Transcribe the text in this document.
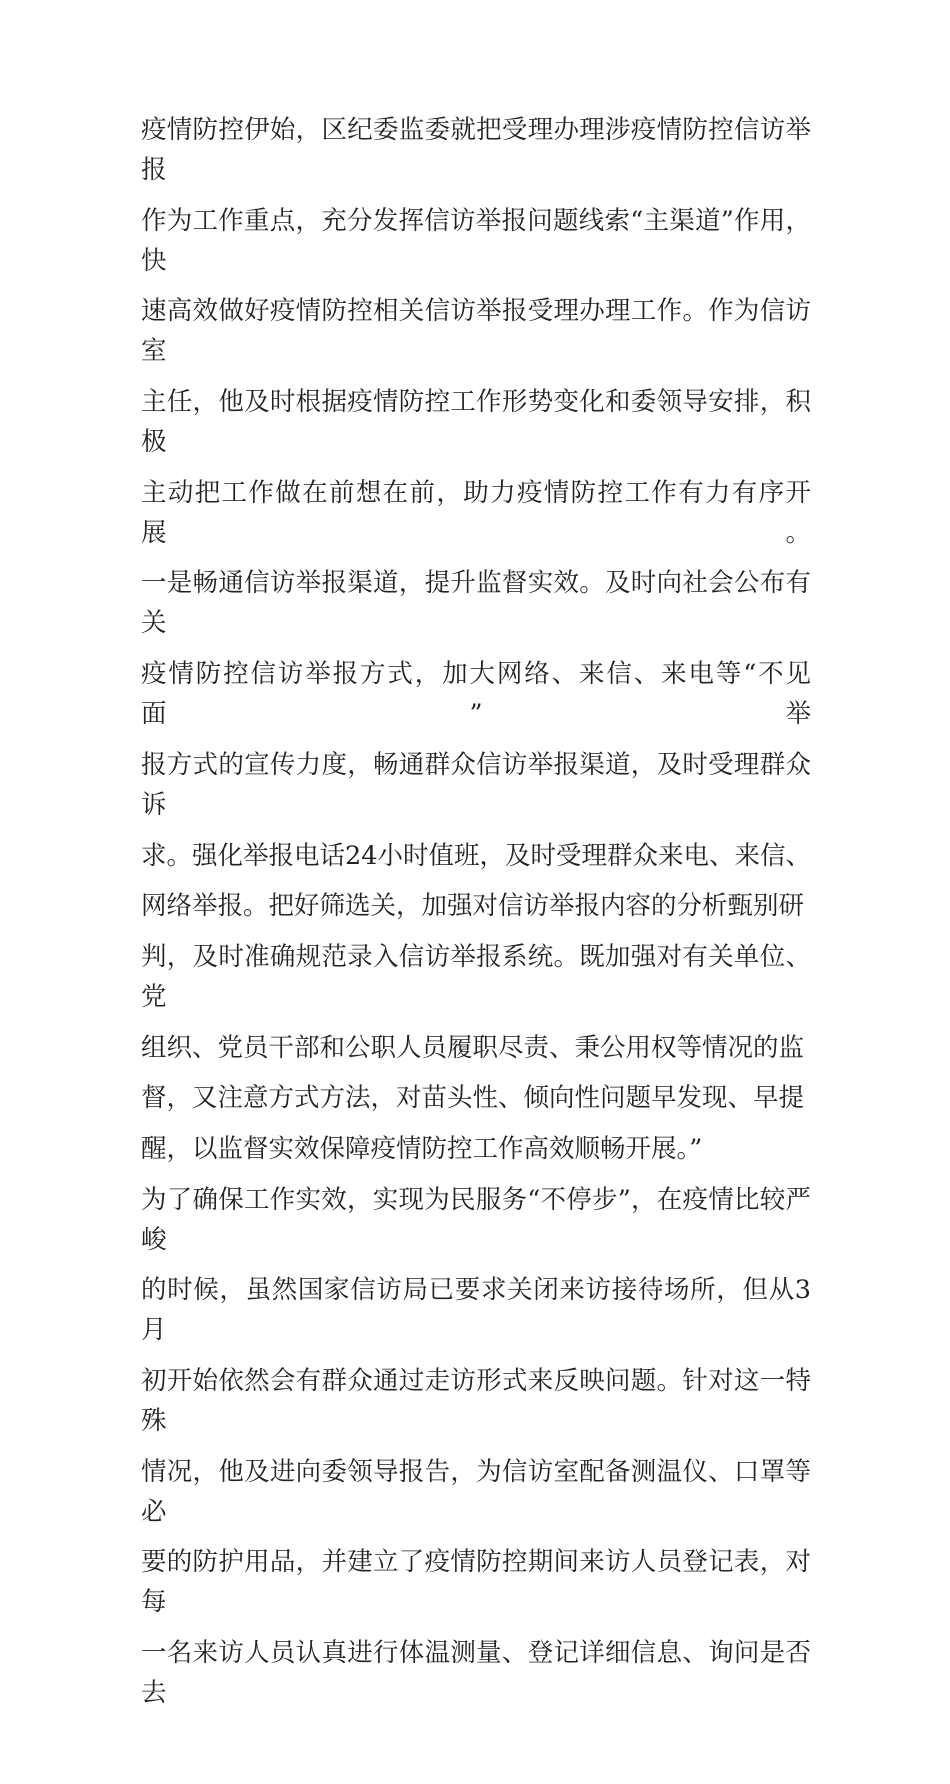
疫情防控伊始，区纪委监委就把受理办理涉疫情防控信访举报
作为工作重点，充分发挥信访举报问题线索“主渠道”作用，快
速高效做好疫情防控相关信访举报受理办理工作。作为信访室
主任，他及时根据疫情防控工作形势变化和委领导安排，积极
主动把工作做在前想在前，助力疫情防控工作有力有序开展。
一是畅通信访举报渠道，提升监督实效。及时向社会公布有关
疫情防控信访举报方式，加大网络、来信、来电等“不见面”举
报方式的宣传力度，畅通群众信访举报渠道，及时受理群众诉
求。强化举报电话24小时值班，及时受理群众来电、来信、
网络举报。把好筛选关，加强对信访举报内容的分析甄别研
判，及时准确规范录入信访举报系统。既加强对有关单位、党
组织、党员干部和公职人员履职尽责、秉公用权等情况的监
督，又注意方式方法，对苗头性、倾向性问题早发现、早提
醒，以监督实效保障疫情防控工作高效顺畅开展。”
为了确保工作实效，实现为民服务“不停步”，在疫情比较严峻
的时候，虽然国家信访局已要求关闭来访接待场所，但从3月
初开始依然会有群众通过走访形式来反映问题。针对这一特殊
情况，他及进向委领导报告，为信访室配备测温仪、口罩等必
要的防护用品，并建立了疫情防控期间来访人员登记表，对每
一名来访人员认真进行体温测量、登记详细信息、询问是否去
